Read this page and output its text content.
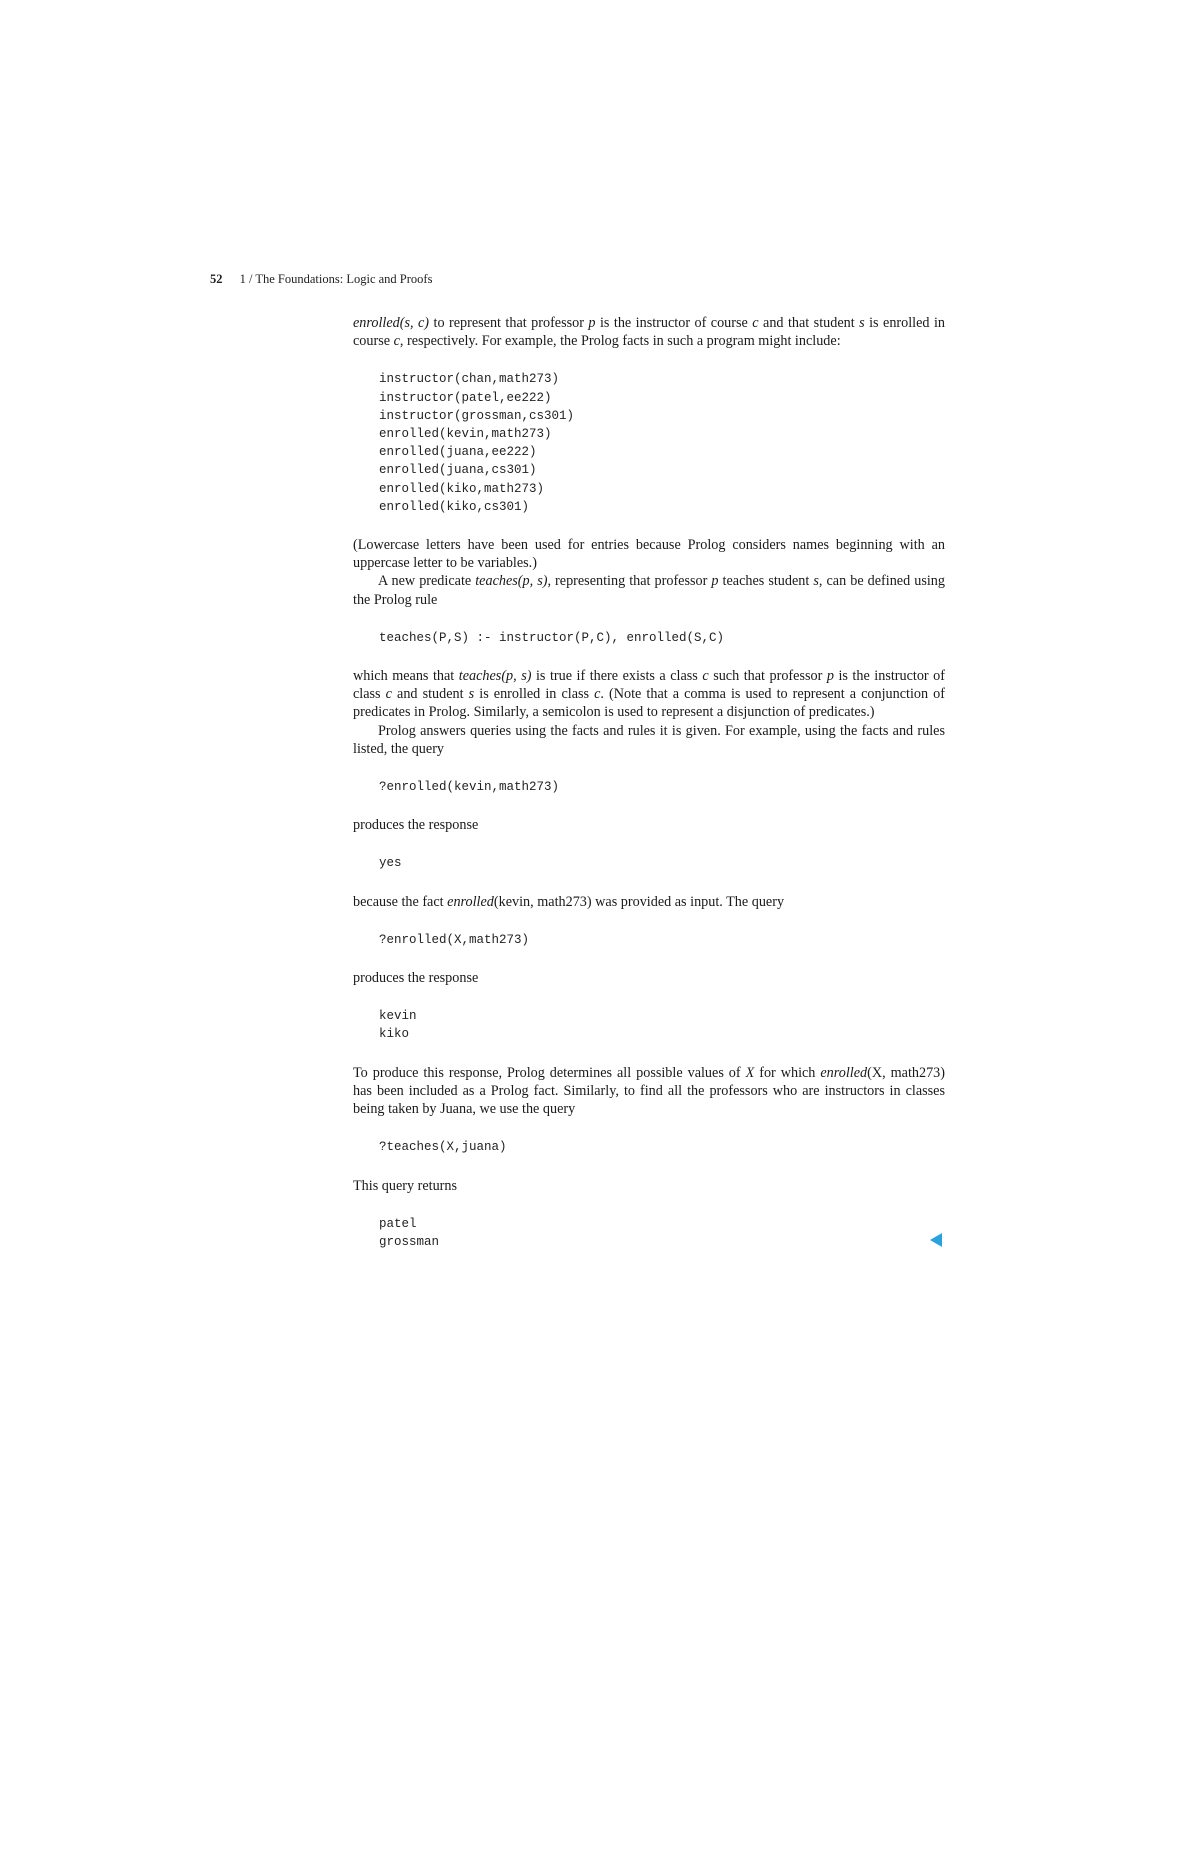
52 1 / The Foundations: Logic and Proofs

enrolled(s, c) to represent that professor p is the instructor of course c and that student s is enrolled in course c, respectively. For example, the Prolog facts in such a program might include:

instructor(chan,math273)
instructor(patel,ee222)
instructor(grossman,cs301)
enrolled(kevin,math273)
enrolled(juana,ee222)
enrolled(juana,cs301)
enrolled(kiko,math273)
enrolled(kiko,cs301)

(Lowercase letters have been used for entries because Prolog considers names beginning with an uppercase letter to be variables.)

A new predicate teaches(p, s), representing that professor p teaches student s, can be defined using the Prolog rule

teaches(P,S) :- instructor(P,C), enrolled(S,C)

which means that teaches(p, s) is true if there exists a class c such that professor p is the instructor of class c and student s is enrolled in class c. (Note that a comma is used to represent a conjunction of predicates in Prolog. Similarly, a semicolon is used to represent a disjunction of predicates.)

Prolog answers queries using the facts and rules it is given. For example, using the facts and rules listed, the query

?enrolled(kevin,math273)

produces the response

yes

because the fact enrolled(kevin, math273) was provided as input. The query

?enrolled(X,math273)

produces the response

kevin
kiko

To produce this response, Prolog determines all possible values of X for which enrolled(X, math273) has been included as a Prolog fact. Similarly, to find all the professors who are instructors in classes being taken by Juana, we use the query

?teaches(X,juana)

This query returns

patel
grossman
